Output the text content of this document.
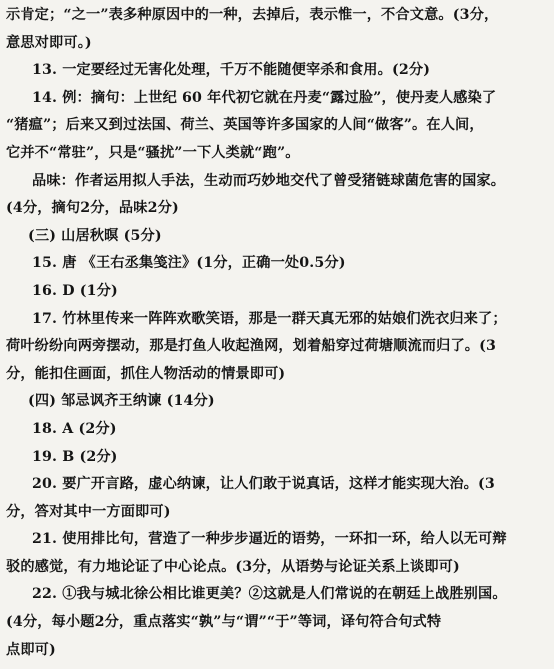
示肯定；“之一”表多种原因中的一种，去掉后，表示惟一，不合文意。(3分，
意思对即可。)
13. 一定要经过无害化处理，千万不能随便宰杀和食用。(2分)
14. 例：摘句：上世纪 60 年代初它就在丹麦“露过脸”，使丹麦人感染了
“猪瘟”；后来又到过法国、荷兰、英国等许多国家的人间“做客”。在人间，
它并不“常驻”，只是“骚扰”一下人类就“跑”。
品味：作者运用拟人手法，生动而巧妙地交代了曾受猪链球菌危害的国家。
(4分，摘句2分，品味2分)
(三) 山居秋暝 (5分)
15. 唐 《王右丞集笺注》(1分，正确一处0.5分)
16. D (1分)
17. 竹林里传来一阵阵欢歌笑语，那是一群天真无邪的姑娘们洗衣归来了；
荷叶纷纷向两旁摆动，那是打鱼人收起渔网，划着船穿过荷塘顺流而归了。(3
分，能扣住画面，抓住人物活动的情景即可)
(四) 邹忌讽齐王纳谏 (14分)
18. A (2分)
19. B (2分)
20. 要广开言路，虚心纳谏，让人们敢于说真话，这样才能实现大治。(3
分，答对其中一方面即可)
21. 使用排比句，营造了一种步步逼近的语势，一环扣一环，给人以无可辩
驳的感觉，有力地论证了中心论点。(3分，从语势与论证关系上谈即可)
22. ①我与城北徐公相比谁更美？②这就是人们常说的在朝廷上战胜别国。
(4分，每小题2分，重点落实“孰”与“谓”“于”等词，译句符合句式特
点即可)
